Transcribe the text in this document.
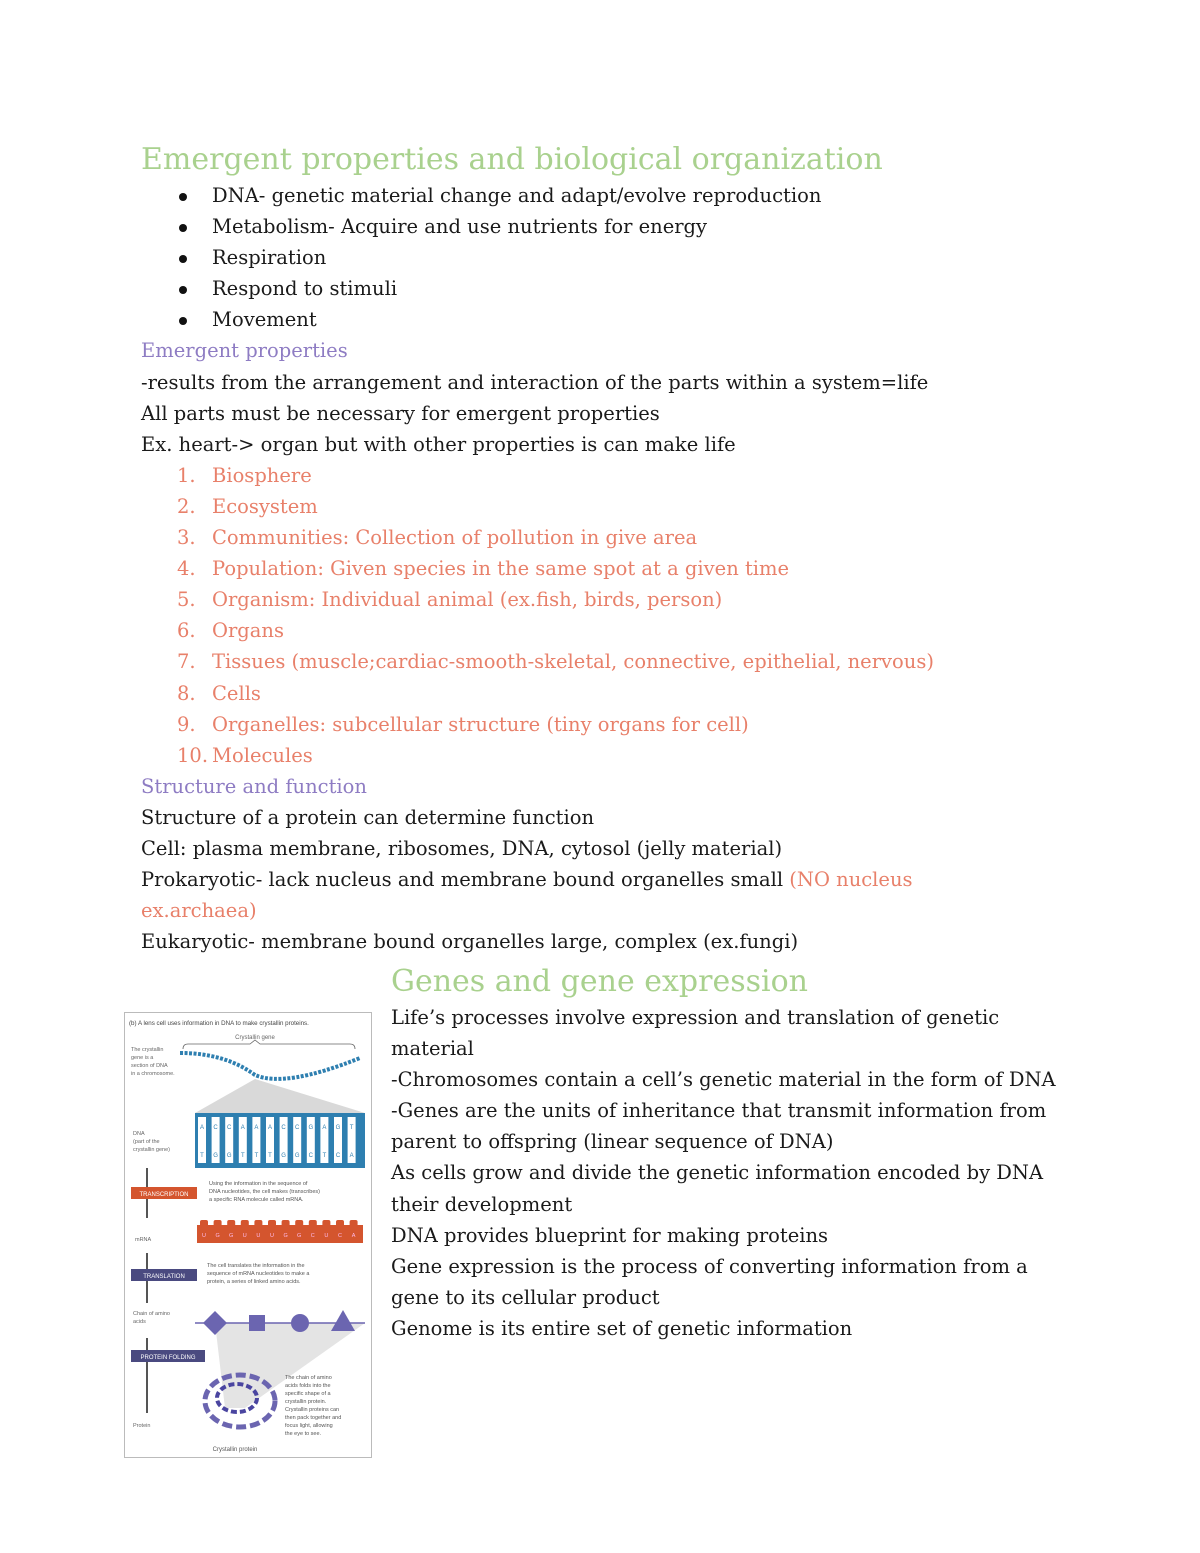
Emergent properties and biological organization
DNA- genetic material change and adapt/evolve reproduction
Metabolism- Acquire and use nutrients for energy
Respiration
Respond to stimuli
Movement
Emergent properties
-results from the arrangement and interaction of the parts within a system=life
All parts must be necessary for emergent properties
Ex. heart-> organ but with other properties is can make life
1. Biosphere
2. Ecosystem
3. Communities: Collection of pollution in give area
4. Population: Given species in the same spot at a given time
5. Organism: Individual animal (ex.fish, birds, person)
6. Organs
7. Tissues (muscle;cardiac-smooth-skeletal, connective, epithelial, nervous)
8. Cells
9. Organelles: subcellular structure (tiny organs for cell)
10. Molecules
Structure and function
Structure of a protein can determine function
Cell: plasma membrane, ribosomes, DNA, cytosol (jelly material)
Prokaryotic- lack nucleus and membrane bound organelles small (NO nucleus
ex.archaea)
Eukaryotic- membrane bound organelles large, complex (ex.fungi)
Genes and gene expression

Life’s processes involve expression and translation of genetic material

-Chromosomes contain a cell’s genetic material in the form of DNA

-Genes are the units of inheritance that transmit information from parent to offspring (linear sequence of DNA)

As cells grow and divide the genetic information encoded by DNA their development

DNA provides blueprint for making proteins

Gene expression is the process of converting information from a gene to its cellular product

Genome is its entire set of genetic information

(b) A lens cell uses information in DNA to make crystallin proteins.
Crystallin gene
The crystallin
gene is a
section of DNA
in a chromosome.
A
T
C
G
C
G
A
T
A
T
A
T
C
G
C
G
G
C
A
T
G
C
T
A
DNA
(part of the
crystallin gene)
TRANSCRIPTION
Using the information in the sequence of
DNA nucleotides, the cell makes (transcribes)
a specific RNA molecule called mRNA.
U G G U U U G G C U C A
mRNA
TRANSLATION
The cell translates the information in the
sequence of mRNA nucleotides to make a
protein, a series of linked amino acids.
Chain of amino
acids
PROTEIN FOLDING
The chain of amino
acids folds into the
specific shape of a
crystallin protein.
Crystallin proteins can
then pack together and
focus light, allowing
the eye to see.
Protein
Crystallin protein
